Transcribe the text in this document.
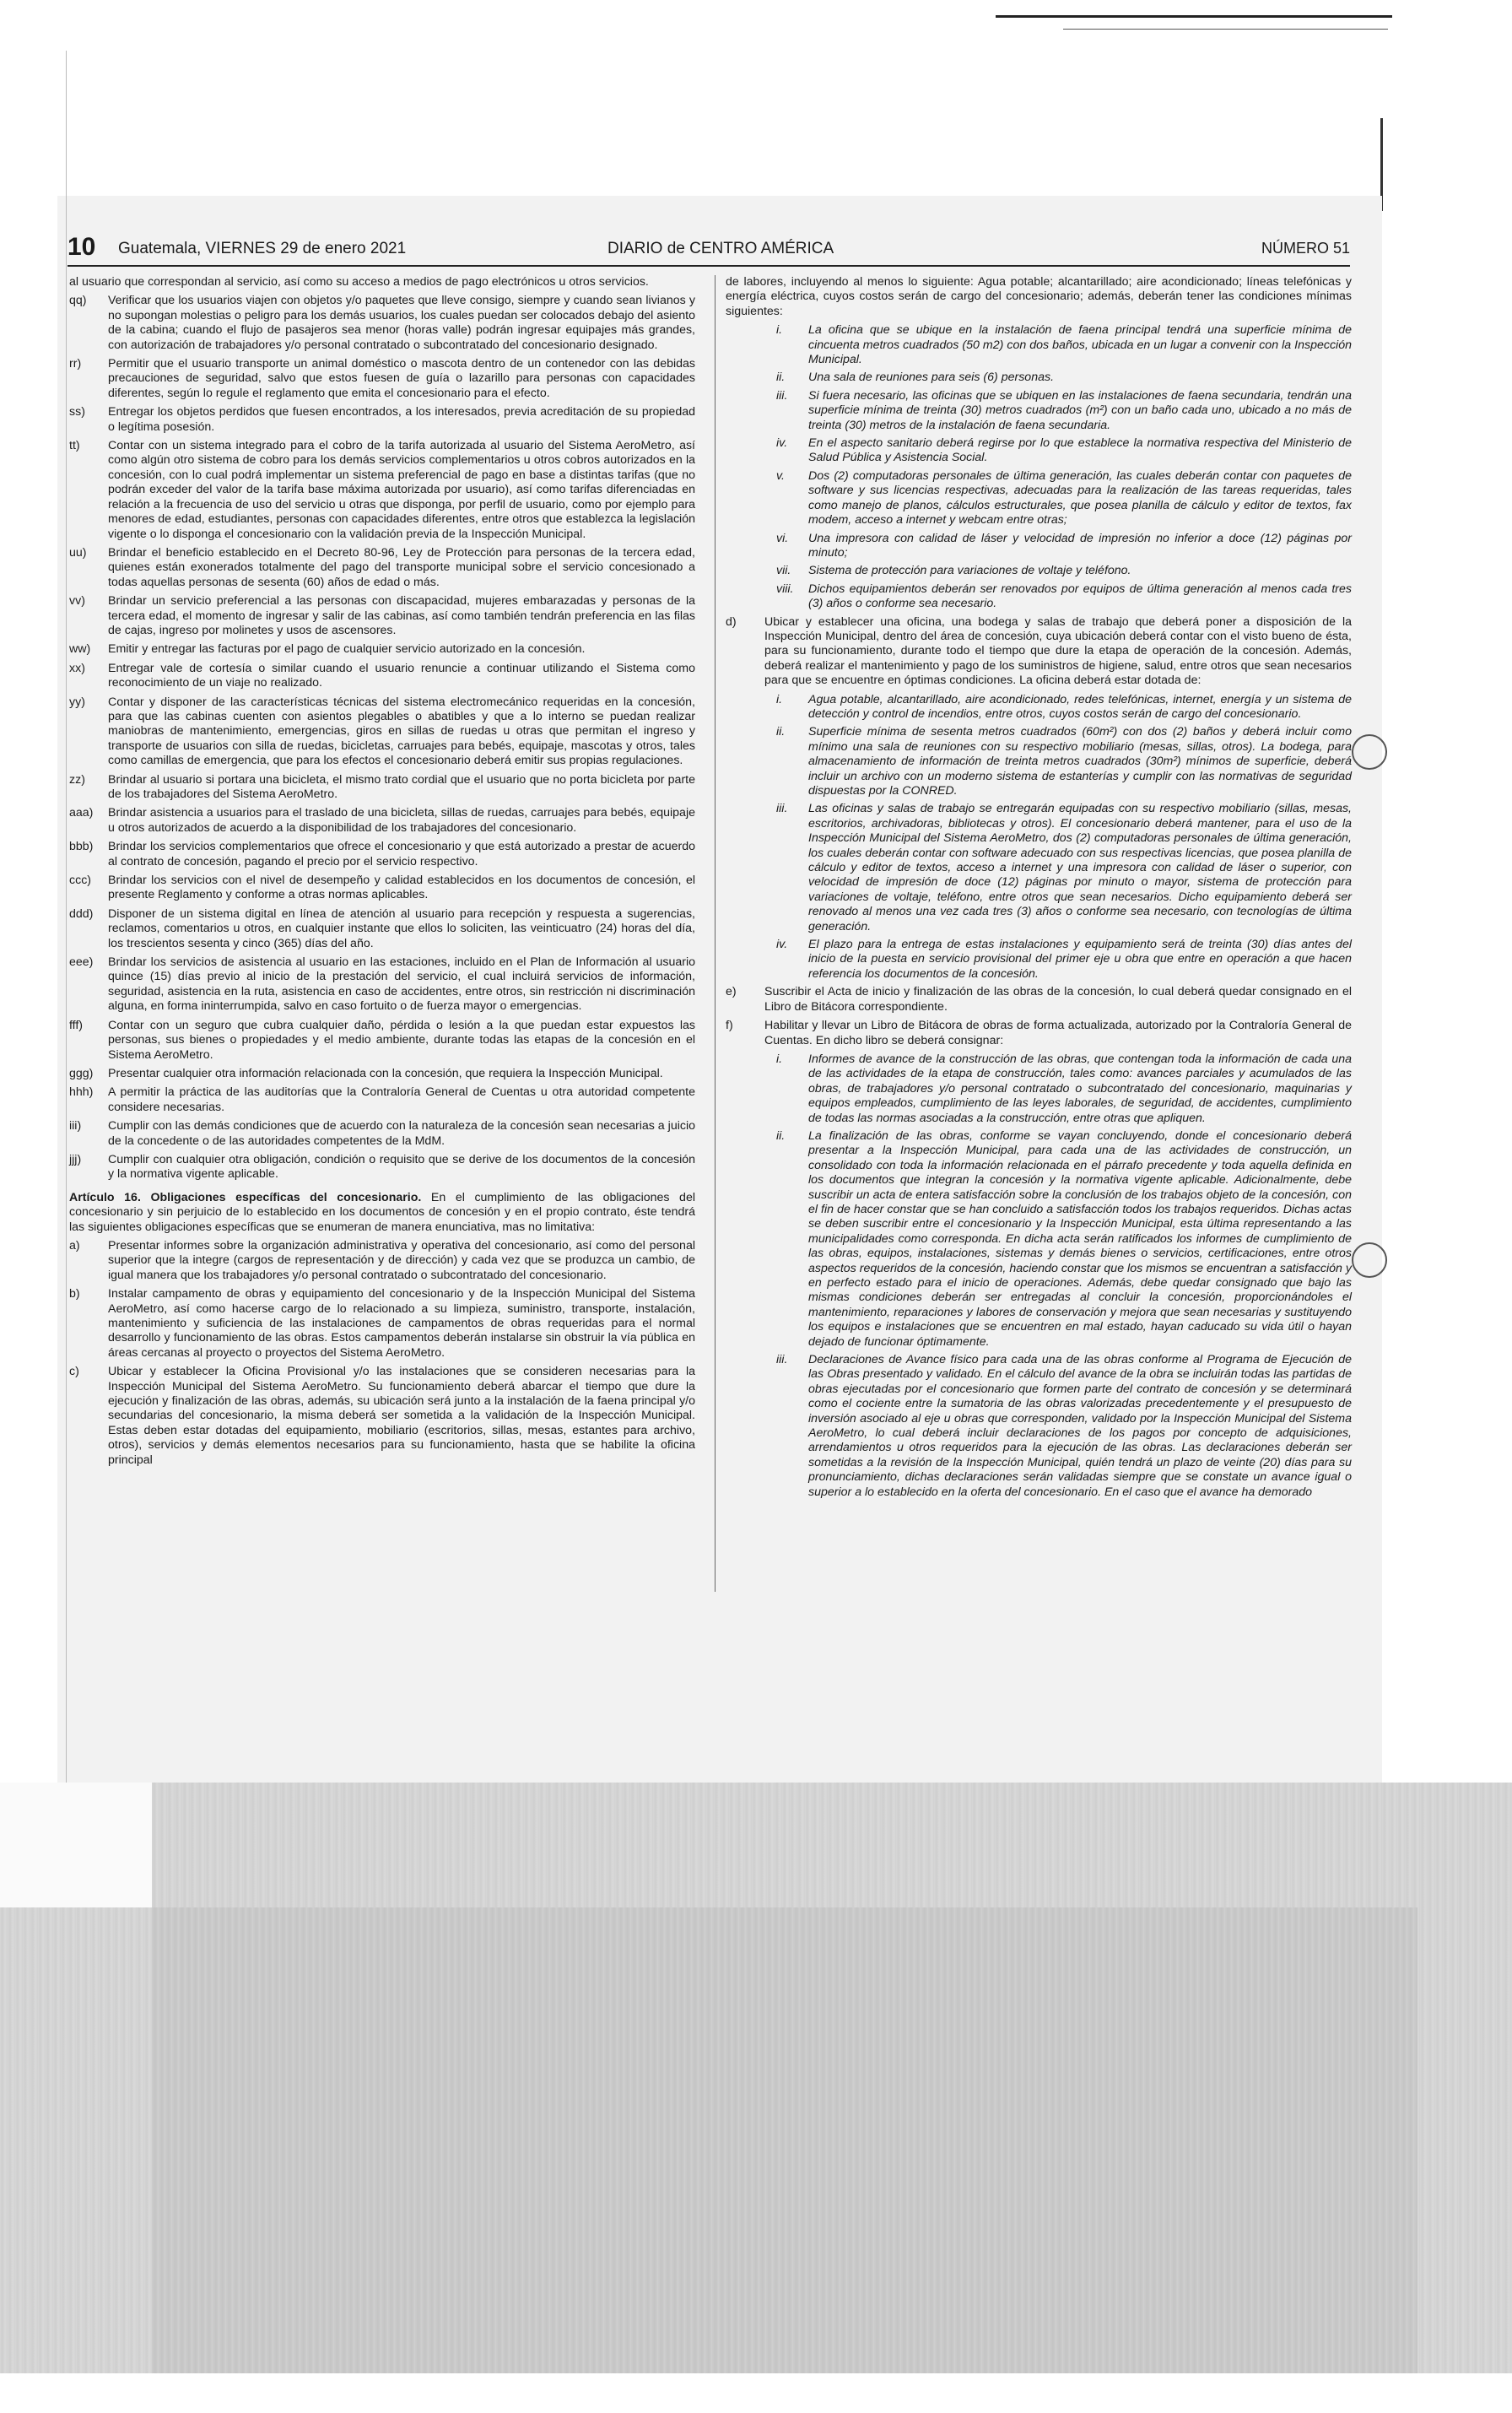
10 Guatemala, VIERNES 29 de enero 2021	DIARIO de CENTRO AMÉRICA	NÚMERO 51
al usuario que correspondan al servicio, así como su acceso a medios de pago electrónicos u otros servicios.
qq)	Verificar que los usuarios viajen con objetos y/o paquetes que lleve consigo, siempre y cuando sean livianos y no supongan molestias o peligro para los demás usuarios, los cuales puedan ser colocados debajo del asiento de la cabina; cuando el flujo de pasajeros sea menor (horas valle) podrán ingresar equipajes más grandes, con autorización de trabajadores y/o personal contratado o subcontratado del concesionario designado.
rr)	Permitir que el usuario transporte un animal doméstico o mascota dentro de un contenedor con las debidas precauciones de seguridad, salvo que estos fuesen de guía o lazarillo para personas con capacidades diferentes, según lo regule el reglamento que emita el concesionario para el efecto.
ss)	Entregar los objetos perdidos que fuesen encontrados, a los interesados, previa acreditación de su propiedad o legítima posesión.
tt)	Contar con un sistema integrado para el cobro de la tarifa autorizada al usuario del Sistema AeroMetro, así como algún otro sistema de cobro para los demás servicios complementarios u otros cobros autorizados en la concesión, con lo cual podrá implementar un sistema preferencial de pago en base a distintas tarifas (que no podrán exceder del valor de la tarifa base máxima autorizada por usuario), así como tarifas diferenciadas en relación a la frecuencia de uso del servicio u otras que disponga, por perfil de usuario, como por ejemplo para menores de edad, estudiantes, personas con capacidades diferentes, entre otros que establezca la legislación vigente o lo disponga el concesionario con la validación previa de la Inspección Municipal.
uu)	Brindar el beneficio establecido en el Decreto 80-96, Ley de Protección para personas de la tercera edad, quienes están exonerados totalmente del pago del transporte municipal sobre el servicio concesionado a todas aquellas personas de sesenta (60) años de edad o más.
vv)	Brindar un servicio preferencial a las personas con discapacidad, mujeres embarazadas y personas de la tercera edad, el momento de ingresar y salir de las cabinas, así como también tendrán preferencia en las filas de cajas, ingreso por molinetes y usos de ascensores.
ww)	Emitir y entregar las facturas por el pago de cualquier servicio autorizado en la concesión.
xx)	Entregar vale de cortesía o similar cuando el usuario renuncie a continuar utilizando el Sistema como reconocimiento de un viaje no realizado.
yy)	Contar y disponer de las características técnicas del sistema electromecánico requeridas en la concesión, para que las cabinas cuenten con asientos plegables o abatibles y que a lo interno se puedan realizar maniobras de mantenimiento, emergencias, giros en sillas de ruedas u otras que permitan el ingreso y transporte de usuarios con silla de ruedas, bicicletas, carruajes para bebés, equipaje, mascotas y otros, tales como camillas de emergencia, que para los efectos el concesionario deberá emitir sus propias regulaciones.
zz)	Brindar al usuario si portara una bicicleta, el mismo trato cordial que el usuario que no porta bicicleta por parte de los trabajadores del Sistema AeroMetro.
aaa)	Brindar asistencia a usuarios para el traslado de una bicicleta, sillas de ruedas, carruajes para bebés, equipaje u otros autorizados de acuerdo a la disponibilidad de los trabajadores del concesionario.
bbb)	Brindar los servicios complementarios que ofrece el concesionario y que está autorizado a prestar de acuerdo al contrato de concesión, pagando el precio por el servicio respectivo.
ccc)	Brindar los servicios con el nivel de desempeño y calidad establecidos en los documentos de concesión, el presente Reglamento y conforme a otras normas aplicables.
ddd)	Disponer de un sistema digital en línea de atención al usuario para recepción y respuesta a sugerencias, reclamos, comentarios u otros, en cualquier instante que ellos lo soliciten, las veinticuatro (24) horas del día, los trescientos sesenta y cinco (365) días del año.
eee)	Brindar los servicios de asistencia al usuario en las estaciones, incluido en el Plan de Información al usuario quince (15) días previo al inicio de la prestación del servicio, el cual incluirá servicios de información, seguridad, asistencia en la ruta, asistencia en caso de accidentes, entre otros, sin restricción ni discriminación alguna, en forma ininterrumpida, salvo en caso fortuito o de fuerza mayor o emergencias.
fff)	Contar con un seguro que cubra cualquier daño, pérdida o lesión a la que puedan estar expuestos las personas, sus bienes o propiedades y el medio ambiente, durante todas las etapas de la concesión en el Sistema AeroMetro.
ggg)	Presentar cualquier otra información relacionada con la concesión, que requiera la Inspección Municipal.
hhh)	A permitir la práctica de las auditorías que la Contraloría General de Cuentas u otra autoridad competente considere necesarias.
iii)	Cumplir con las demás condiciones que de acuerdo con la naturaleza de la concesión sean necesarias a juicio de la concedente o de las autoridades competentes de la MdM.
jjj)	Cumplir con cualquier otra obligación, condición o requisito que se derive de los documentos de la concesión y la normativa vigente aplicable.
Artículo 16. Obligaciones específicas del concesionario. En el cumplimiento de las obligaciones del concesionario y sin perjuicio de lo establecido en los documentos de concesión y en el propio contrato, éste tendrá las siguientes obligaciones específicas que se enumeran de manera enunciativa, mas no limitativa:
a)	Presentar informes sobre la organización administrativa y operativa del concesionario, así como del personal superior que la integre (cargos de representación y de dirección) y cada vez que se produzca un cambio, de igual manera que los trabajadores y/o personal contratado o subcontratado del concesionario.
b)	Instalar campamento de obras y equipamiento del concesionario y de la Inspección Municipal del Sistema AeroMetro, así como hacerse cargo de lo relacionado a su limpieza, suministro, transporte, instalación, mantenimiento y suficiencia de las instalaciones de campamentos de obras requeridas para el normal desarrollo y funcionamiento de las obras. Estos campamentos deberán instalarse sin obstruir la vía pública en áreas cercanas al proyecto o proyectos del Sistema AeroMetro.
c)	Ubicar y establecer la Oficina Provisional y/o las instalaciones que se consideren necesarias para la Inspección Municipal del Sistema AeroMetro. Su funcionamiento deberá abarcar el tiempo que dure la ejecución y finalización de las obras, además, su ubicación será junto a la instalación de la faena principal y/o secundarias del concesionario, la misma deberá ser sometida a la validación de la Inspección Municipal. Estas deben estar dotadas del equipamiento, mobiliario (escritorios, sillas, mesas, estantes para archivo, otros), servicios y demás elementos necesarios para su funcionamiento, hasta que se habilite la oficina principal
de labores, incluyendo al menos lo siguiente: Agua potable; alcantarillado; aire acondicionado; líneas telefónicas y energía eléctrica, cuyos costos serán de cargo del concesionario; además, deberán tener las condiciones mínimas siguientes:
i.	La oficina que se ubique en la instalación de faena principal tendrá una superficie mínima de cincuenta metros cuadrados (50 m2) con dos baños, ubicada en un lugar a convenir con la Inspección Municipal.
ii.	Una sala de reuniones para seis (6) personas.
iii.	Si fuera necesario, las oficinas que se ubiquen en las instalaciones de faena secundaria, tendrán una superficie mínima de treinta (30) metros cuadrados (m²) con un baño cada uno, ubicado a no más de treinta (30) metros de la instalación de faena secundaria.
iv.	En el aspecto sanitario deberá regirse por lo que establece la normativa respectiva del Ministerio de Salud Pública y Asistencia Social.
v.	Dos (2) computadoras personales de última generación, las cuales deberán contar con paquetes de software y sus licencias respectivas, adecuadas para la realización de las tareas requeridas, tales como manejo de planos, cálculos estructurales, que posea planilla de cálculo y editor de textos, fax modem, acceso a internet y webcam entre otras;
vi.	Una impresora con calidad de láser y velocidad de impresión no inferior a doce (12) páginas por minuto;
vii.	Sistema de protección para variaciones de voltaje y teléfono.
viii.	Dichos equipamientos deberán ser renovados por equipos de última generación al menos cada tres (3) años o conforme sea necesario.
d)	Ubicar y establecer una oficina, una bodega y salas de trabajo que deberá poner a disposición de la Inspección Municipal, dentro del área de concesión, cuya ubicación deberá contar con el visto bueno de ésta, para su funcionamiento, durante todo el tiempo que dure la etapa de operación de la concesión. Además, deberá realizar el mantenimiento y pago de los suministros de higiene, salud, entre otros que sean necesarios para que se encuentre en óptimas condiciones. La oficina deberá estar dotada de:
i.	Agua potable, alcantarillado, aire acondicionado, redes telefónicas, internet, energía y un sistema de detección y control de incendios, entre otros, cuyos costos serán de cargo del concesionario.
ii.	Superficie mínima de sesenta metros cuadrados (60m²) con dos (2) baños y deberá incluir como mínimo una sala de reuniones con su respectivo mobiliario (mesas, sillas, otros). La bodega, para almacenamiento de información de treinta metros cuadrados (30m²) mínimos de superficie, deberá incluir un archivo con un moderno sistema de estanterías y cumplir con las normativas de seguridad dispuestas por la CONRED.
iii.	Las oficinas y salas de trabajo se entregarán equipadas con su respectivo mobiliario (sillas, mesas, escritorios, archivadoras, bibliotecas y otros). El concesionario deberá mantener, para el uso de la Inspección Municipal del Sistema AeroMetro, dos (2) computadoras personales de última generación, los cuales deberán contar con software adecuado con sus respectivas licencias, que posea planilla de cálculo y editor de textos, acceso a internet y una impresora con calidad de láser o superior, con velocidad de impresión de doce (12) páginas por minuto o mayor, sistema de protección para variaciones de voltaje, teléfono, entre otros que sean necesarios. Dicho equipamiento deberá ser renovado al menos una vez cada tres (3) años o conforme sea necesario, con tecnologías de última generación.
iv.	El plazo para la entrega de estas instalaciones y equipamiento será de treinta (30) días antes del inicio de la puesta en servicio provisional del primer eje u obra que entre en operación a que hacen referencia los documentos de la concesión.
e)	Suscribir el Acta de inicio y finalización de las obras de la concesión, lo cual deberá quedar consignado en el Libro de Bitácora correspondiente.
f)	Habilitar y llevar un Libro de Bitácora de obras de forma actualizada, autorizado por la Contraloría General de Cuentas. En dicho libro se deberá consignar:
i.	Informes de avance de la construcción de las obras, que contengan toda la información de cada una de las actividades de la etapa de construcción, tales como: avances parciales y acumulados de las obras, de trabajadores y/o personal contratado o subcontratado del concesionario, maquinarias y equipos empleados, cumplimiento de las leyes laborales, de seguridad, de accidentes, cumplimiento de todas las normas asociadas a la construcción, entre otras que apliquen.
ii.	La finalización de las obras, conforme se vayan concluyendo, donde el concesionario deberá presentar a la Inspección Municipal, para cada una de las actividades de construcción, un consolidado con toda la información relacionada en el párrafo precedente y toda aquella definida en los documentos que integran la concesión y la normativa vigente aplicable. Adicionalmente, debe suscribir un acta de entera satisfacción sobre la conclusión de los trabajos objeto de la concesión, con el fin de hacer constar que se han concluido a satisfacción todos los trabajos requeridos. Dichas actas se deben suscribir entre el concesionario y la Inspección Municipal, esta última representando a las municipalidades como corresponda. En dicha acta serán ratificados los informes de cumplimiento de las obras, equipos, instalaciones, sistemas y demás bienes o servicios, certificaciones, entre otros aspectos requeridos de la concesión, haciendo constar que los mismos se encuentran a satisfacción y en perfecto estado para el inicio de operaciones. Además, debe quedar consignado que bajo las mismas condiciones deberán ser entregadas al concluir la concesión, proporcionándoles el mantenimiento, reparaciones y labores de conservación y mejora que sean necesarias y sustituyendo los equipos e instalaciones que se encuentren en mal estado, hayan caducado su vida útil o hayan dejado de funcionar óptimamente.
iii.	Declaraciones de Avance físico para cada una de las obras conforme al Programa de Ejecución de las Obras presentado y validado. En el cálculo del avance de la obra se incluirán todas las partidas de obras ejecutadas por el concesionario que formen parte del contrato de concesión y se determinará como el cociente entre la sumatoria de las obras valorizadas precedentemente y el presupuesto de inversión asociado al eje u obras que corresponden, validado por la Inspección Municipal del Sistema AeroMetro, lo cual deberá incluir declaraciones de los pagos por concepto de adquisiciones, arrendamientos u otros requeridos para la ejecución de las obras. Las declaraciones deberán ser sometidas a la revisión de la Inspección Municipal, quién tendrá un plazo de veinte (20) días para su pronunciamiento, dichas declaraciones serán validadas siempre que se constate un avance igual o superior a lo establecido en la oferta del concesionario. En el caso que el avance ha demorado
